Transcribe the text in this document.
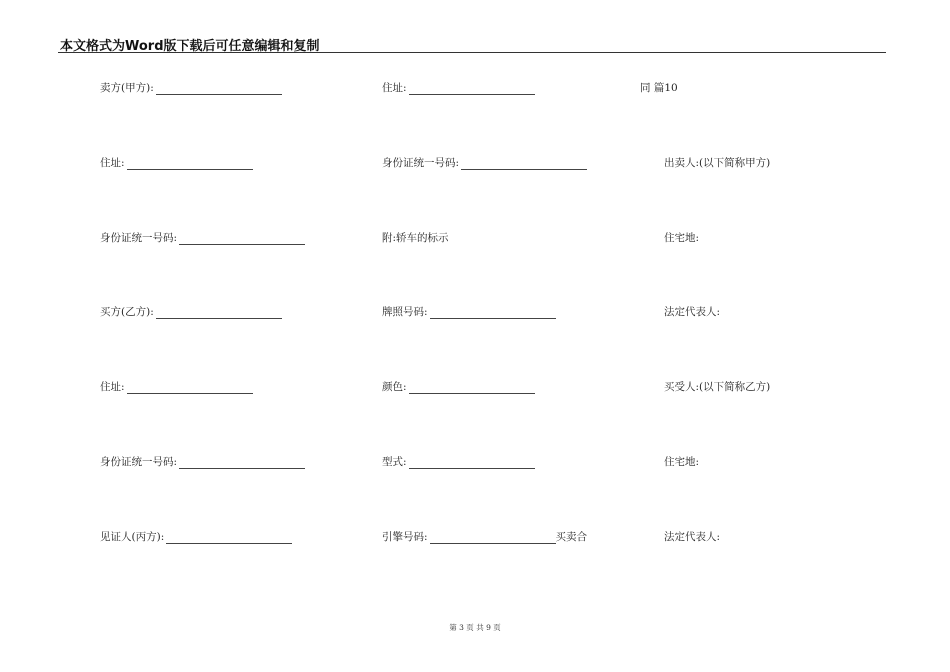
本文格式为Word版下载后可任意编辑和复制
卖方(甲方):
住址:
身份证统一号码:
买方(乙方):
住址:
身份证统一号码:
见证人(丙方):
住址:
身份证统一号码:
附:轿车的标示
牌照号码:
颜色:
型式:
引擎号码:	买卖合
同 篇10
出卖人:(以下简称甲方)
住宅地:
法定代表人:
买受人:(以下简称乙方)
住宅地:
法定代表人:
第 3 页 共 9 页
